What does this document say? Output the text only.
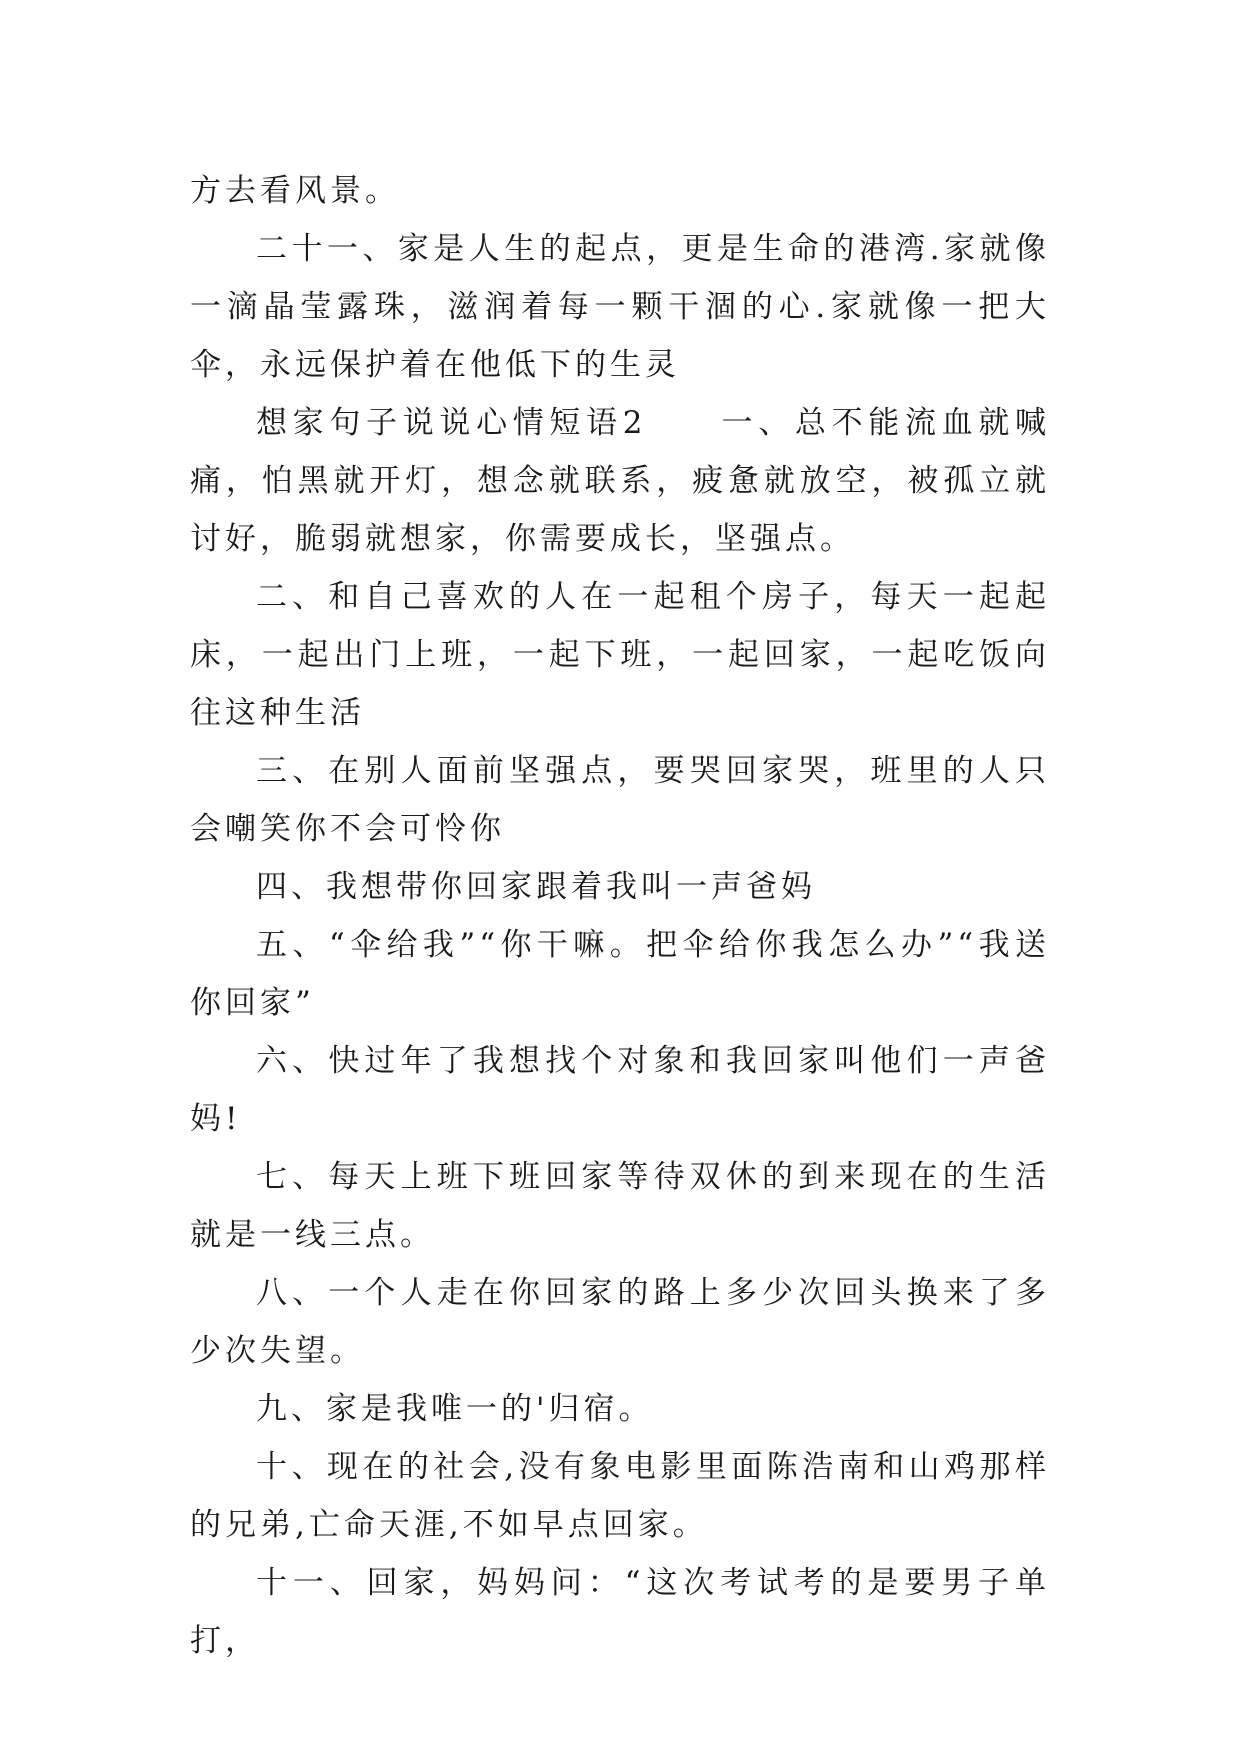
方去看风景。

二十一、家是人生的起点，更是生命的港湾.家就像一滴晶莹露珠，滋润着每一颗干涸的心.家就像一把大伞，永远保护着在他低下的生灵

想家句子说说心情短语2　　一、总不能流血就喊痛，怕黑就开灯，想念就联系，疲惫就放空，被孤立就讨好，脆弱就想家，你需要成长，坚强点。

二、和自己喜欢的人在一起租个房子，每天一起起床，一起出门上班，一起下班，一起回家，一起吃饭向往这种生活

三、在别人面前坚强点，要哭回家哭，班里的人只会嘲笑你不会可怜你

四、我想带你回家跟着我叫一声爸妈

五、“伞给我”“你干嘛。把伞给你我怎么办”“我送你回家”

六、快过年了我想找个对象和我回家叫他们一声爸妈!

七、每天上班下班回家等待双休的到来现在的生活就是一线三点。

八、一个人走在你回家的路上多少次回头换来了多少次失望。

九、家是我唯一的'归宿。

十、现在的社会,没有象电影里面陈浩南和山鸡那样的兄弟,亡命天涯,不如早点回家。

十一、回家，妈妈问：“这次考试考的是要男子单打，
